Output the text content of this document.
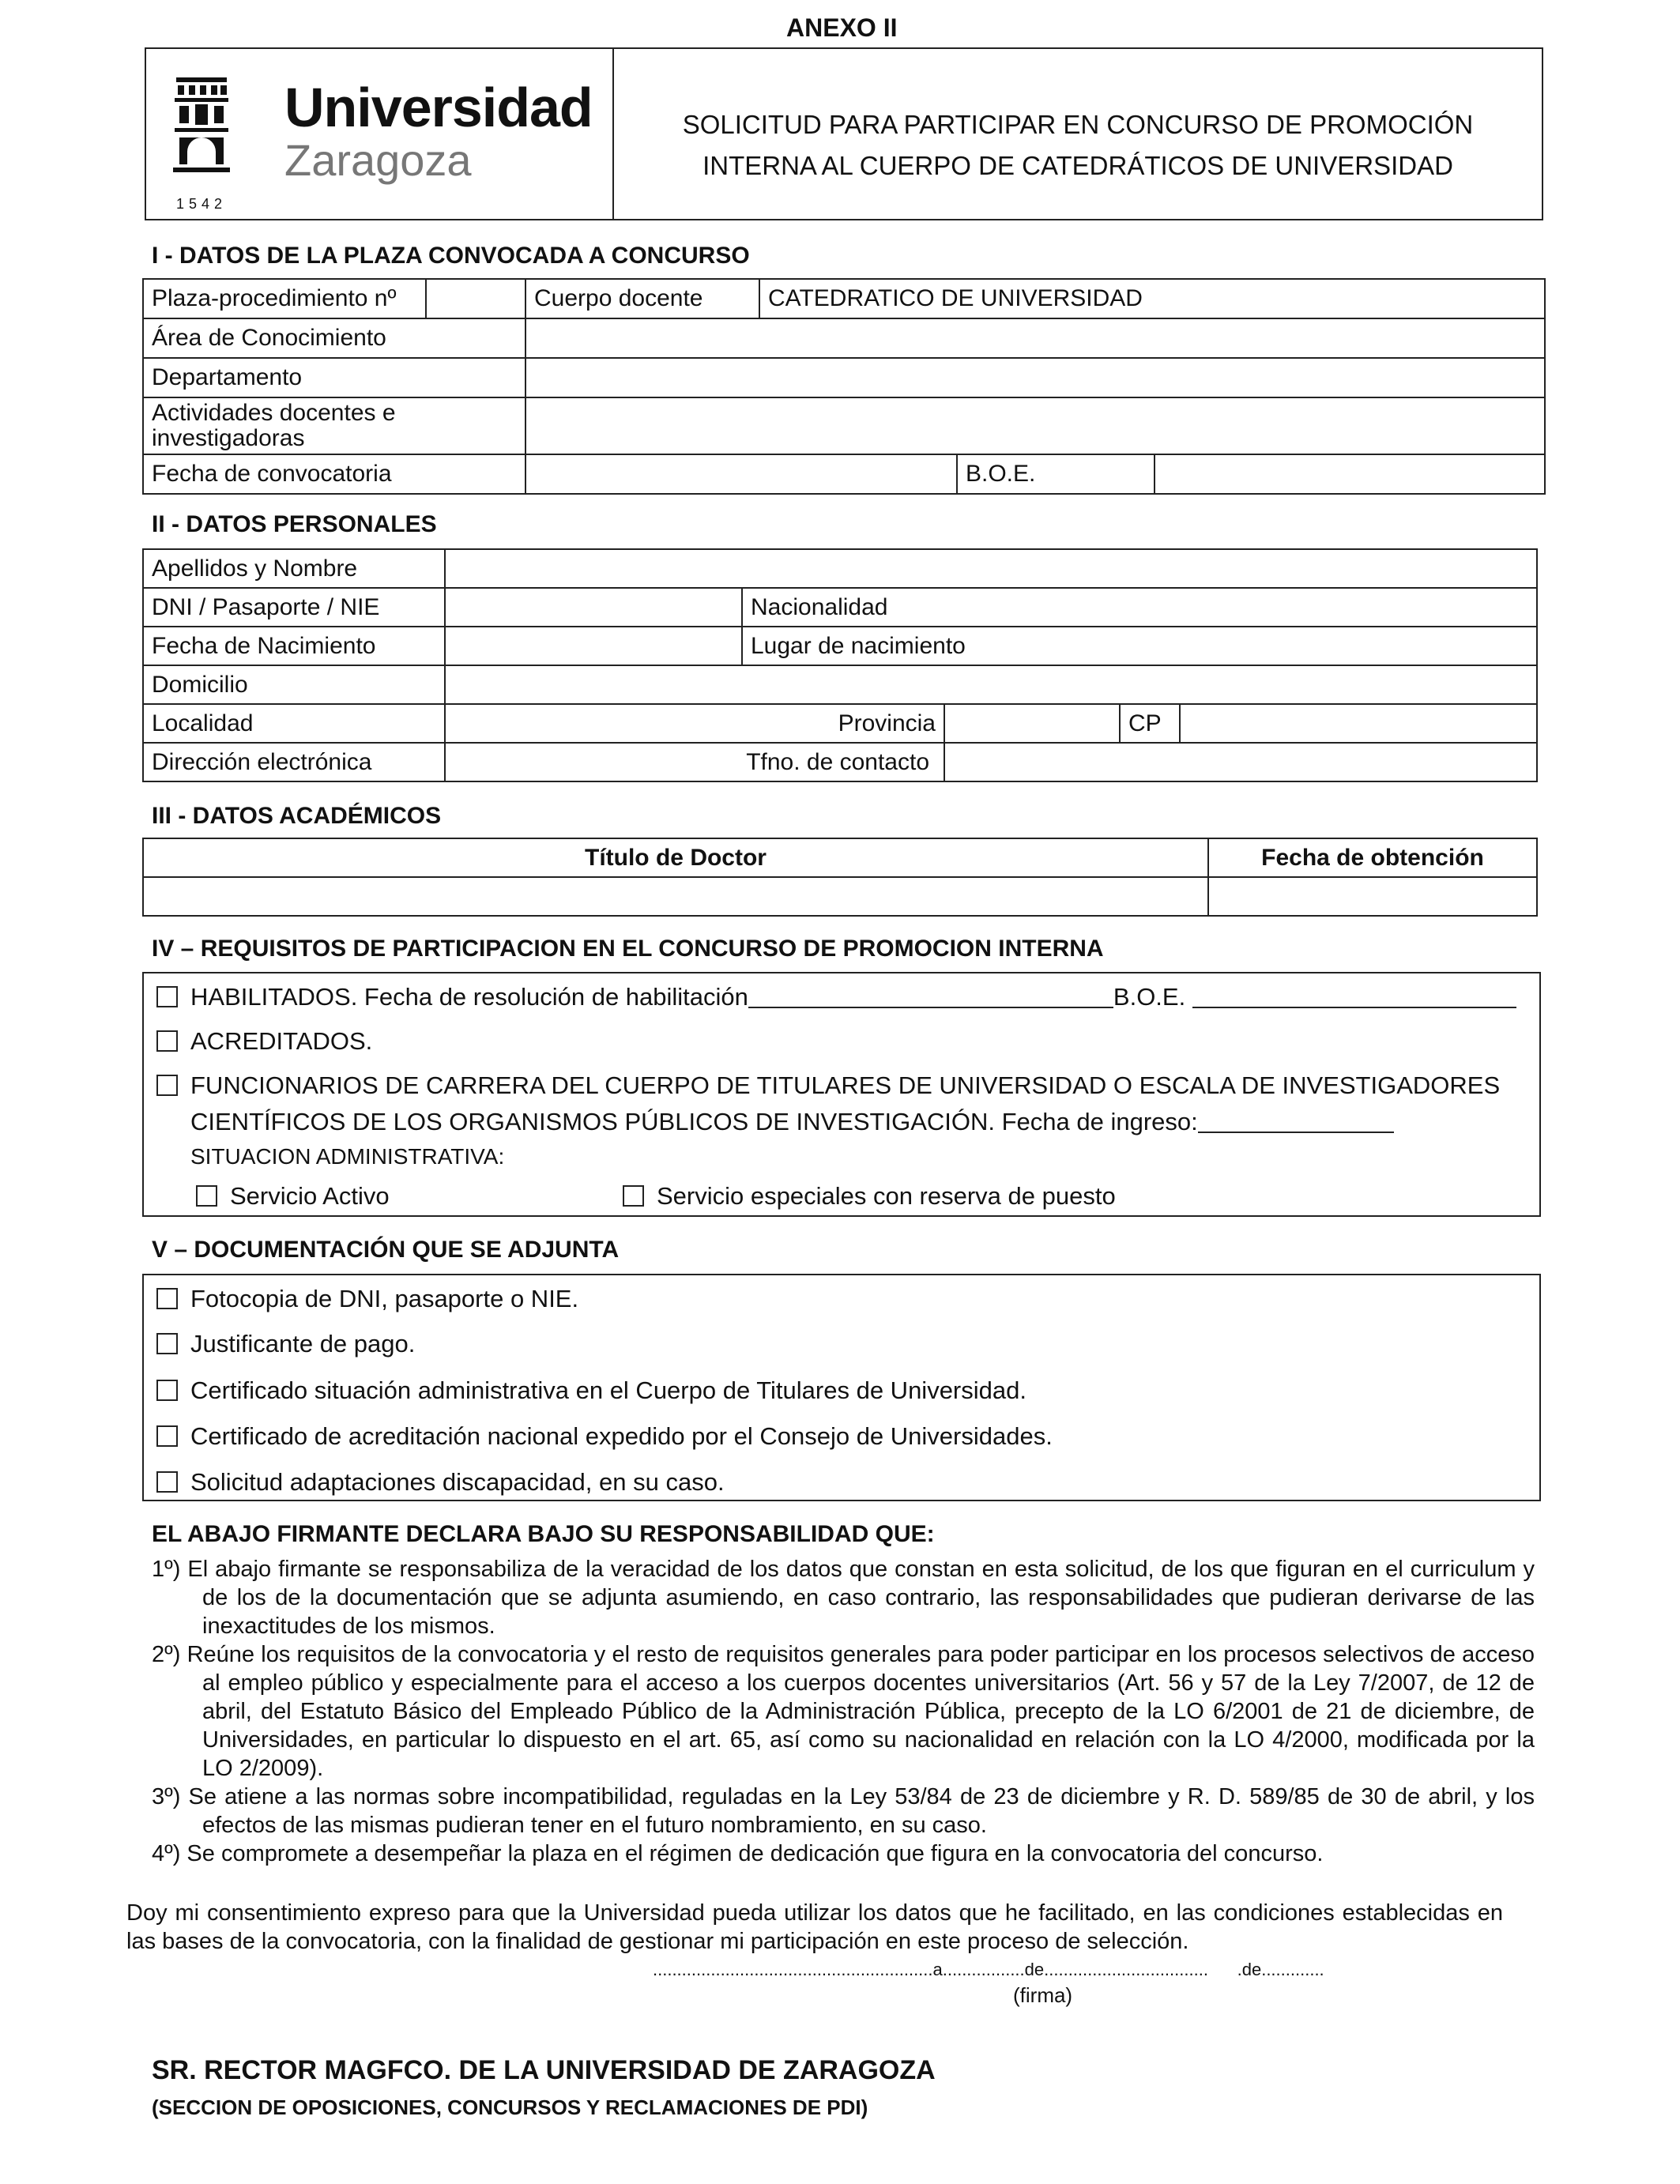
ANEXO II
Universidad
Zaragoza
1542
SOLICITUD PARA PARTICIPAR EN CONCURSO DE PROMOCIÓN
INTERNA AL CUERPO DE CATEDRÁTICOS DE UNIVERSIDAD
I - DATOS DE LA PLAZA CONVOCADA A CONCURSO
Plaza-procedimiento nº		Cuerpo docente	CATEDRATICO DE UNIVERSIDAD		
Área de Conocimiento					
Departamento					
Actividades docentes e investigadoras					
Fecha de convocatoria				B.O.E.	
II - DATOS PERSONALES
Apellidos y Nombre					
DNI / Pasaporte / NIE		Nacionalidad			
Fecha de Nacimiento		Lugar de nacimiento			
Domicilio					
Localidad	Provincia			CP	
Dirección electrónica	Tfno. de contacto				
III - DATOS ACADÉMICOS
Título de Doctor	Fecha de obtención

IV – REQUISITOS DE PARTICIPACION EN EL CONCURSO DE PROMOCION INTERNA
HABILITADOS. Fecha de resolución de habilitación	B.O.E.
ACREDITADOS.
FUNCIONARIOS DE CARRERA DEL CUERPO DE TITULARES DE UNIVERSIDAD O ESCALA DE INVESTIGADORES
CIENTÍFICOS DE LOS ORGANISMOS PÚBLICOS DE INVESTIGACIÓN. Fecha de ingreso:
SITUACION ADMINISTRATIVA:
Servicio Activo	Servicio especiales con reserva de puesto
V – DOCUMENTACIÓN QUE SE ADJUNTA
Fotocopia de DNI, pasaporte o NIE.
Justificante de pago.
Certificado situación administrativa en el Cuerpo de Titulares de Universidad.
Certificado de acreditación nacional expedido por el Consejo de Universidades.
Solicitud adaptaciones discapacidad, en su caso.
EL ABAJO FIRMANTE DECLARA BAJO SU RESPONSABILIDAD QUE:

1º) El abajo firmante se responsabiliza de la veracidad de los datos que constan en esta solicitud, de los que figuran en el curriculum y de los de la documentación que se adjunta asumiendo, en caso contrario, las responsabilidades que pudieran derivarse de las inexactitudes de los mismos.

2º) Reúne los requisitos de la convocatoria y el resto de requisitos generales para poder participar en los procesos selectivos de acceso al empleo público y especialmente para el acceso a los cuerpos docentes universitarios (Art. 56 y 57 de la Ley 7/2007, de 12 de abril, del Estatuto Básico del Empleado Público de la Administración Pública, precepto de la LO 6/2001 de 21 de diciembre, de Universidades, en particular lo dispuesto en el art. 65, así como su nacionalidad en relación con la LO 4/2000, modificada por la LO 2/2009).

3º) Se atiene a las normas sobre incompatibilidad, reguladas en la Ley 53/84 de 23 de diciembre y R. D. 589/85 de 30 de abril, y los efectos de las mismas pudieran tener en el futuro nombramiento, en su caso.

4º) Se compromete a desempeñar la plaza en el régimen de dedicación que figura en la convocatoria del concurso.

Doy mi consentimiento expreso para que la Universidad pueda utilizar los datos que he facilitado, en las condiciones establecidas en las bases de la convocatoria, con la finalidad de gestionar mi participación en este proceso de selección.
..........................................................a.................de..................................      .de.............
(firma)
SR. RECTOR MAGFCO. DE LA UNIVERSIDAD DE ZARAGOZA
(SECCION DE OPOSICIONES, CONCURSOS Y RECLAMACIONES DE PDI)
